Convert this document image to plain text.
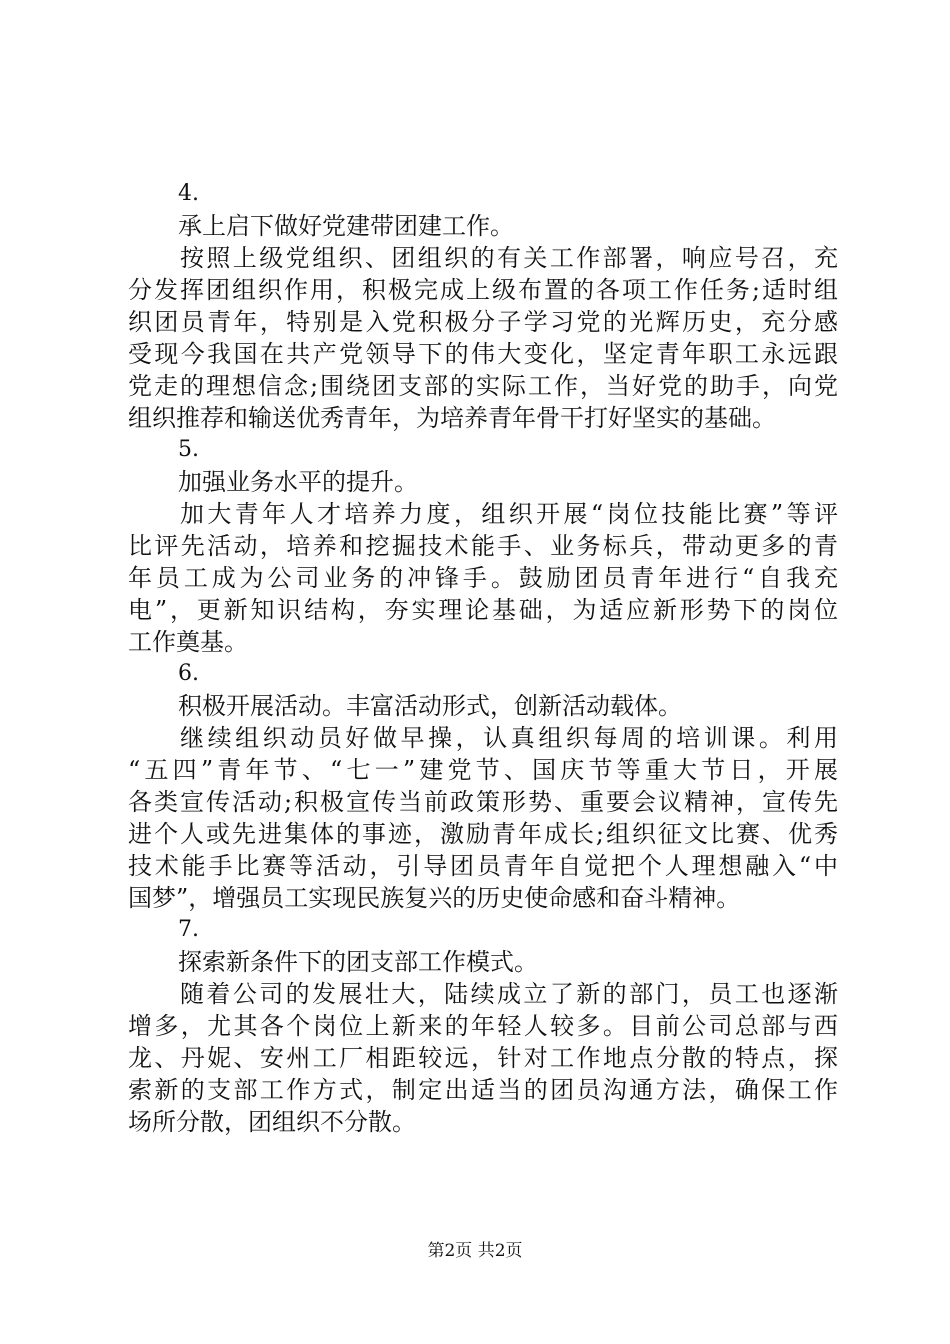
4.
承上启下做好党建带团建工作。
按照上级党组织、团组织的有关工作部署，响应号召，充
分发挥团组织作用，积极完成上级布置的各项工作任务;适时组
织团员青年，特别是入党积极分子学习党的光辉历史，充分感
受现今我国在共产党领导下的伟大变化，坚定青年职工永远跟
党走的理想信念;围绕团支部的实际工作，当好党的助手，向党
组织推荐和输送优秀青年，为培养青年骨干打好坚实的基础。
5.
加强业务水平的提升。
加大青年人才培养力度，组织开展“岗位技能比赛”等评
比评先活动，培养和挖掘技术能手、业务标兵，带动更多的青
年员工成为公司业务的冲锋手。鼓励团员青年进行“自我充
电”，更新知识结构，夯实理论基础，为适应新形势下的岗位
工作奠基。
6.
积极开展活动。丰富活动形式，创新活动载体。
继续组织动员好做早操，认真组织每周的培训课。利用
“五四”青年节、“七一”建党节、国庆节等重大节日，开展
各类宣传活动;积极宣传当前政策形势、重要会议精神，宣传先
进个人或先进集体的事迹，激励青年成长;组织征文比赛、优秀
技术能手比赛等活动，引导团员青年自觉把个人理想融入“中
国梦”，增强员工实现民族复兴的历史使命感和奋斗精神。
7.
探索新条件下的团支部工作模式。
随着公司的发展壮大，陆续成立了新的部门，员工也逐渐
增多，尤其各个岗位上新来的年轻人较多。目前公司总部与西
龙、丹妮、安州工厂相距较远，针对工作地点分散的特点，探
索新的支部工作方式，制定出适当的团员沟通方法，确保工作
场所分散，团组织不分散。
第2页 共2页
